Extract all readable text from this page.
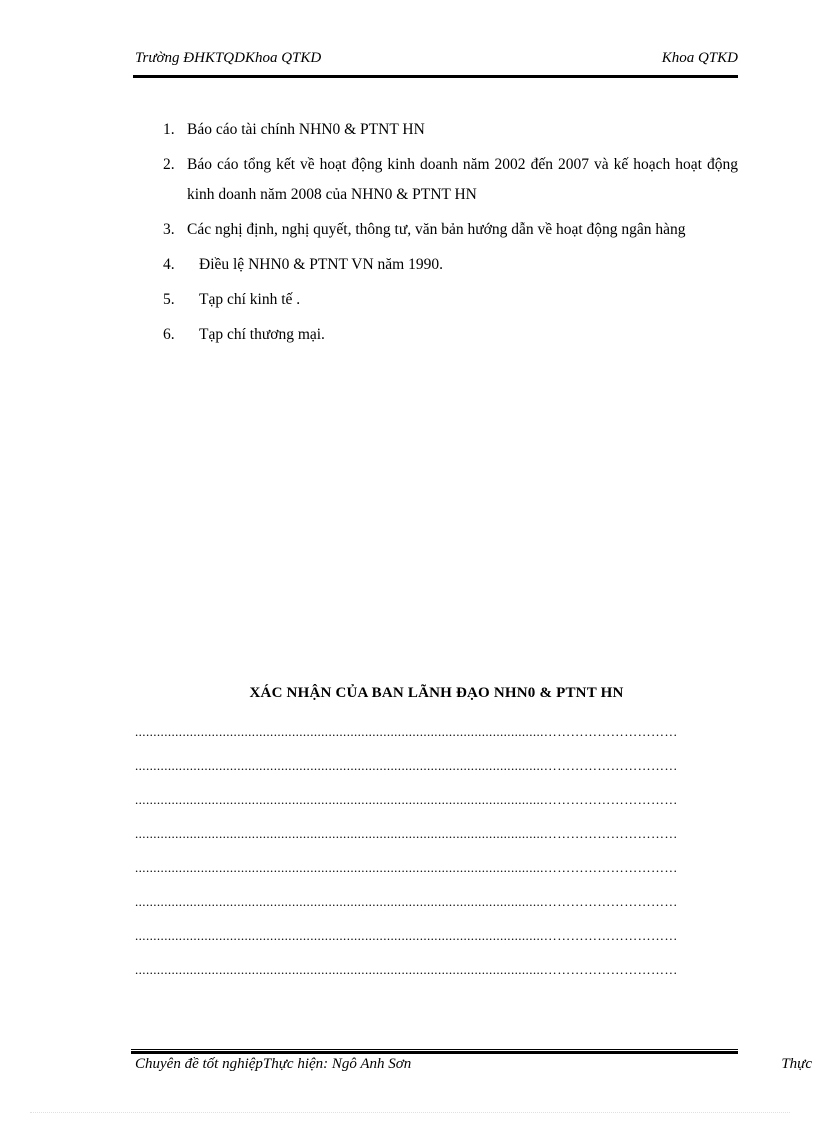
Trường ĐHKTQDKhoa QTKD	Khoa QTKD
1. Báo cáo tài chính NHN0 & PTNT HN
2. Báo cáo tổng kết về hoạt động kinh doanh năm 2002 đến 2007 và kế hoạch hoạt động kinh doanh năm 2008 của NHN0 & PTNT HN
3. Các nghị định, nghị quyết, thông tư, văn bản hướng dẫn về hoạt động ngân hàng
4. Điều lệ NHN0 & PTNT VN năm 1990.
5. Tạp chí kinh tế .
6. Tạp chí thương mại.
XÁC NHẬN CỦA BAN LÃNH ĐẠO NHN0 & PTNT HN
................................................................................................................…………………………
................................................................................................................…………………………
................................................................................................................…………………………
................................................................................................................…………………………
................................................................................................................…………………………
................................................................................................................…………………………
................................................................................................................…………………………
................................................................................................................…………………………
Chuyên đề tốt nghiệpThực hiện: Ngô Anh Sơn	Thực
